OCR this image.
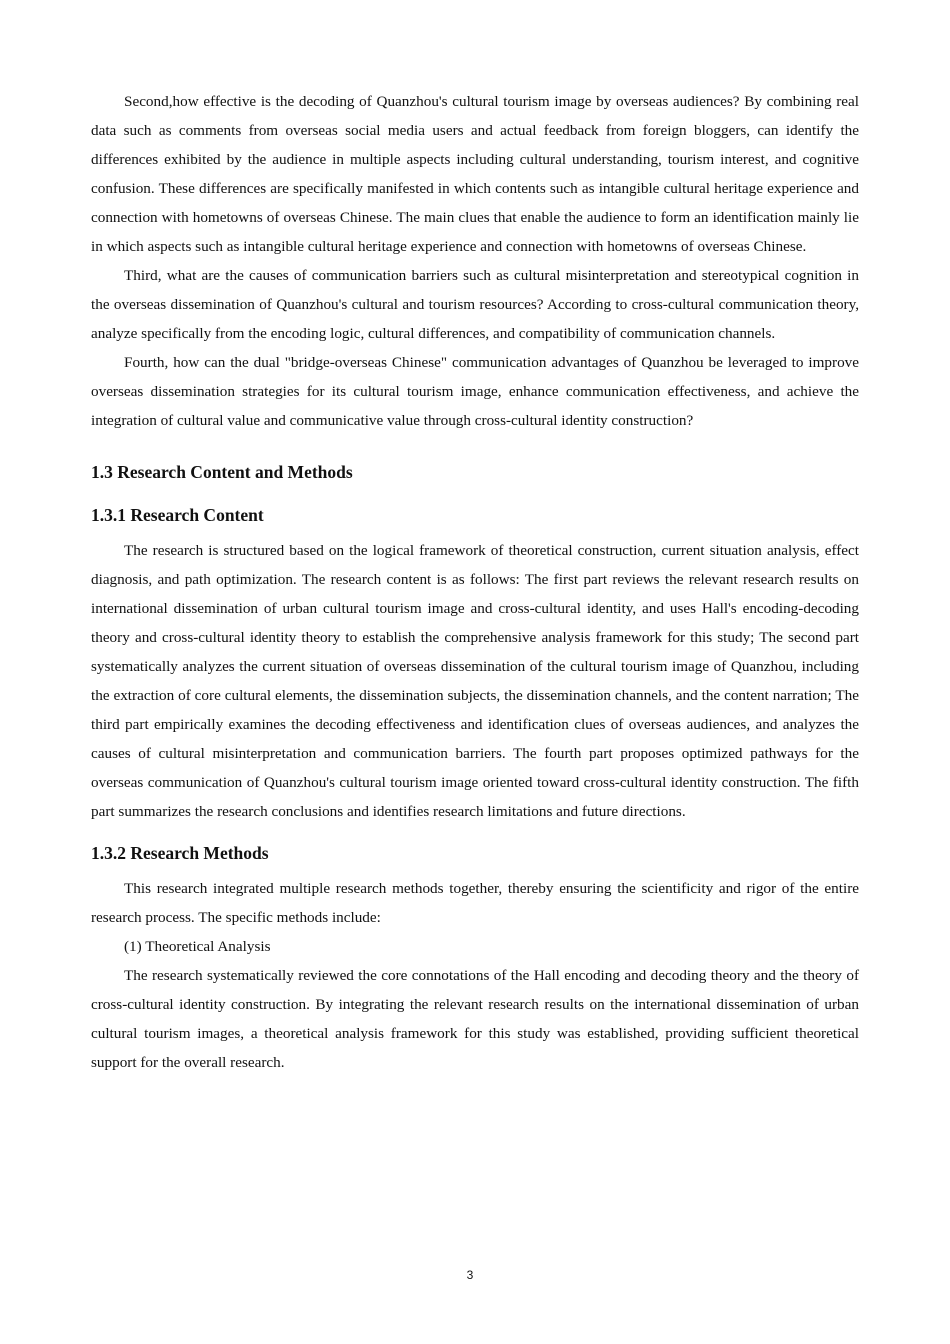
Second,how effective is the decoding of Quanzhou's cultural tourism image by overseas audiences? By combining real data such as comments from overseas social media users and actual feedback from foreign bloggers, can identify the differences exhibited by the audience in multiple aspects including cultural understanding, tourism interest, and cognitive confusion. These differences are specifically manifested in which contents such as intangible cultural heritage experience and connection with hometowns of overseas Chinese. The main clues that enable the audience to form an identification mainly lie in which aspects such as intangible cultural heritage experience and connection with hometowns of overseas Chinese.

Third, what are the causes of communication barriers such as cultural misinterpretation and stereotypical cognition in the overseas dissemination of Quanzhou's cultural and tourism resources? According to cross-cultural communication theory, analyze specifically from the encoding logic, cultural differences, and compatibility of communication channels.

Fourth, how can the dual "bridge-overseas Chinese" communication advantages of Quanzhou be leveraged to improve overseas dissemination strategies for its cultural tourism image, enhance communication effectiveness, and achieve the integration of cultural value and communicative value through cross-cultural identity construction?

1.3 Research Content and Methods
1.3.1 Research Content

The research is structured based on the logical framework of theoretical construction, current situation analysis, effect diagnosis, and path optimization. The research content is as follows: The first part reviews the relevant research results on international dissemination of urban cultural tourism image and cross-cultural identity, and uses Hall's encoding-decoding theory and cross-cultural identity theory to establish the comprehensive analysis framework for this study; The second part systematically analyzes the current situation of overseas dissemination of the cultural tourism image of Quanzhou, including the extraction of core cultural elements, the dissemination subjects, the dissemination channels, and the content narration; The third part empirically examines the decoding effectiveness and identification clues of overseas audiences, and analyzes the causes of cultural misinterpretation and communication barriers. The fourth part proposes optimized pathways for the overseas communication of Quanzhou's cultural tourism image oriented toward cross-cultural identity construction. The fifth part summarizes the research conclusions and identifies research limitations and future directions.

1.3.2 Research Methods

This research integrated multiple research methods together, thereby ensuring the scientificity and rigor of the entire research process. The specific methods include:

(1) Theoretical Analysis

The research systematically reviewed the core connotations of the Hall encoding and decoding theory and the theory of cross-cultural identity construction. By integrating the relevant research results on the international dissemination of urban cultural tourism images, a theoretical analysis framework for this study was established, providing sufficient theoretical support for the overall research.

3
